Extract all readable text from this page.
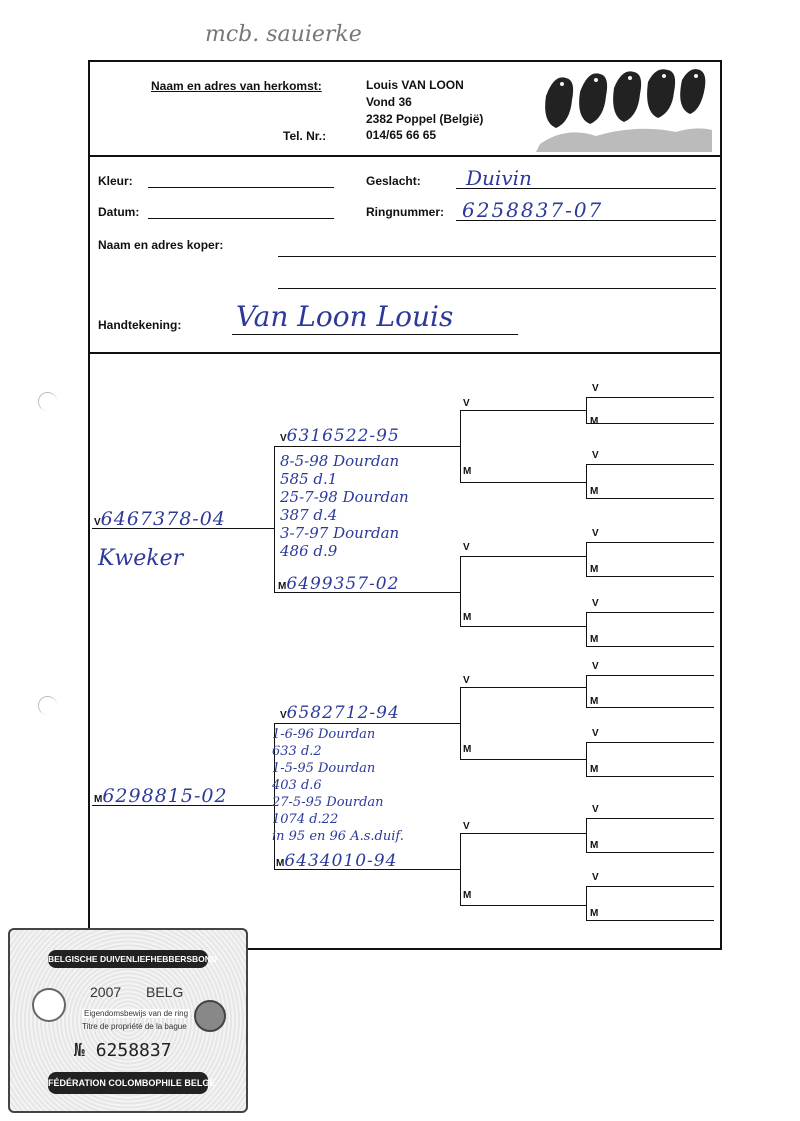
mcb. sauierke
Naam en adres van herkomst:	Louis VAN LOON
Vond 36
2382 Poppel (België)
Tel. Nr.:	014/65 66 65
Kleur:	Geslacht: Duivin
Datum:	Ringnummer: 6258837-07
Naam en adres koper:
Handtekening: Van Loon Louis
V6467378-04
Kweker
M6298815-02
V6316522-95
8-5-98 Dourdan
585 d.1
25-7-98 Dourdan
387 d.4
3-7-97 Dourdan
486 d.9
M6499357-02
V6582712-94
1-6-96 Dourdan
633 d.2
1-5-95 Dourdan
403 d.6
27-5-95 Dourdan
1074 d.22
in 95 en 96 A.s.duif.
M6434010-94
V
M
V
M
V
M
V
M
V
M
V
M
V
M
V
M
V
M
V
M
V
M
V
M
BELGISCHE DUIVENLIEFHEBBERSBOND
2007 BELG
Eigendomsbewijs van de ring
Titre de propriété de la bague
№ 6258837
FÉDÉRATION COLOMBOPHILE BELGE
